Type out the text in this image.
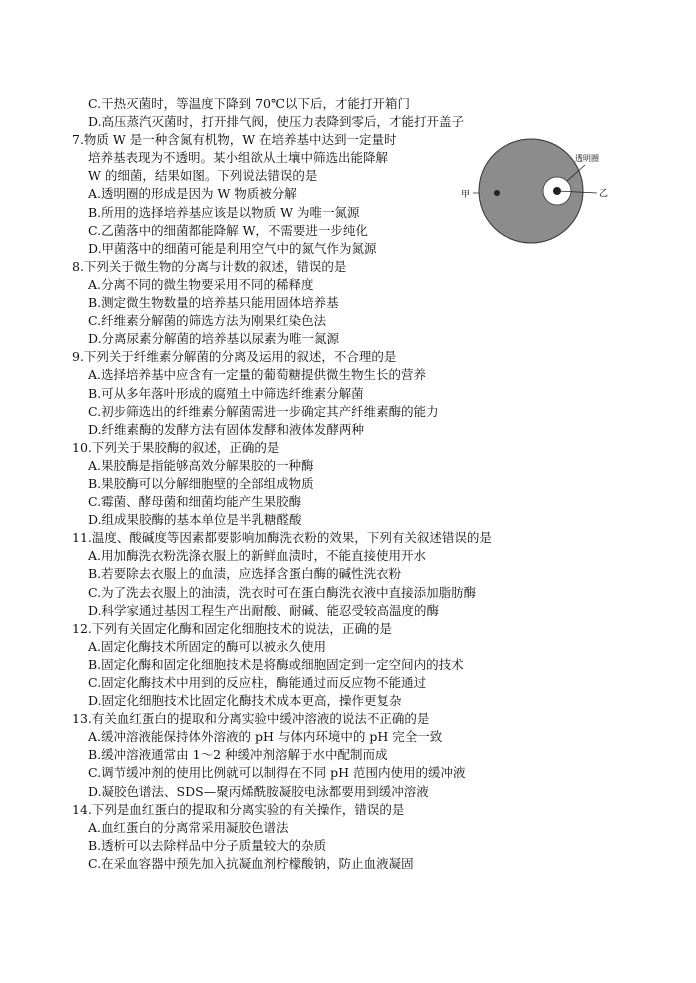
C.干热灭菌时，等温度下降到 70℃以下后，才能打开箱门
D.高压蒸汽灭菌时，打开排气阀，使压力表降到零后，才能打开盖子
7.物质 W 是一种含氮有机物，W 在培养基中达到一定量时
培养基表现为不透明。某小组欲从土壤中筛选出能降解
W 的细菌，结果如图。下列说法错误的是
A.透明圈的形成是因为 W 物质被分解
B.所用的选择培养基应该是以物质 W 为唯一氮源
C.乙菌落中的细菌都能降解 W，不需要进一步纯化
D.甲菌落中的细菌可能是利用空气中的氮气作为氮源
8.下列关于微生物的分离与计数的叙述，错误的是
A.分离不同的微生物要采用不同的稀释度
B.测定微生物数量的培养基只能用固体培养基
C.纤维素分解菌的筛选方法为刚果红染色法
D.分离尿素分解菌的培养基以尿素为唯一氮源
9.下列关于纤维素分解菌的分离及运用的叙述，不合理的是
A.选择培养基中应含有一定量的葡萄糖提供微生物生长的营养
B.可从多年落叶形成的腐殖土中筛选纤维素分解菌
C.初步筛选出的纤维素分解菌需进一步确定其产纤维素酶的能力
D.纤维素酶的发酵方法有固体发酵和液体发酵两种
10.下列关于果胶酶的叙述，正确的是
A.果胶酶是指能够高效分解果胶的一种酶
B.果胶酶可以分解细胞壁的全部组成物质
C.霉菌、酵母菌和细菌均能产生果胶酶
D.组成果胶酶的基本单位是半乳糖醛酸
11.温度、酸碱度等因素都要影响加酶洗衣粉的效果，下列有关叙述错误的是
A.用加酶洗衣粉洗涤衣服上的新鲜血渍时，不能直接使用开水
B.若要除去衣服上的血渍，应选择含蛋白酶的碱性洗衣粉
C.为了洗去衣服上的油渍，洗衣时可在蛋白酶洗衣液中直接添加脂肪酶
D.科学家通过基因工程生产出耐酸、耐碱、能忍受较高温度的酶
12.下列有关固定化酶和固定化细胞技术的说法，正确的是
A.固定化酶技术所固定的酶可以被永久使用
B.固定化酶和固定化细胞技术是将酶或细胞固定到一定空间内的技术
C.固定化酶技术中用到的反应柱，酶能通过而反应物不能通过
D.固定化细胞技术比固定化酶技术成本更高，操作更复杂
13.有关血红蛋白的提取和分离实验中缓冲溶液的说法不正确的是
A.缓冲溶液能保持体外溶液的 pH 与体内环境中的 pH 完全一致
B.缓冲溶液通常由 1～2 种缓冲剂溶解于水中配制而成
C.调节缓冲剂的使用比例就可以制得在不同 pH 范围内使用的缓冲液
D.凝胶色谱法、SDS—聚丙烯酰胺凝胶电泳都要用到缓冲溶液
14.下列是血红蛋白的提取和分离实验的有关操作，错误的是
A.血红蛋白的分离常采用凝胶色谱法
B.透析可以去除样品中分子质量较大的杂质
C.在采血容器中预先加入抗凝血剂柠檬酸钠，防止血液凝固
甲	乙
透明圈
